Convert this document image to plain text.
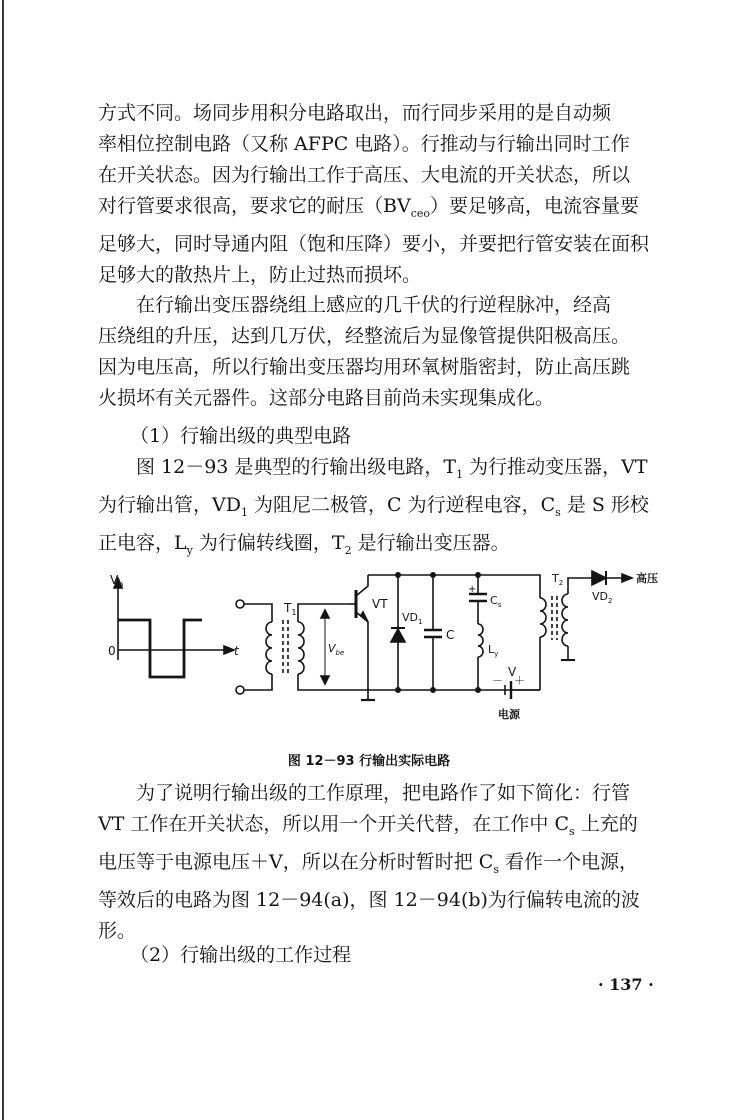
方式不同。场同步用积分电路取出，而行同步采用的是自动频
率相位控制电路（又称 AFPC 电路）。行推动与行输出同时工作
在开关状态。因为行输出工作于高压、大电流的开关状态，所以
对行管要求很高，要求它的耐压$(BV_{ceo})$要足够高，电流容量要
足够大，同时导通内阻（饱和压降）要小，并要把行管安装在面积
足够大的散热片上，防止过热而损坏。
在行输出变压器绕组上感应的几千伏的行逆程脉冲，经高
压绕组的升压，达到几万伏，经整流后为显像管提供阳极高压。
因为电压高，所以行输出变压器均用环氧树脂密封，防止高压跳
火损坏有关元器件。这部分电路目前尚未实现集成化。
（1）行输出级的典型电路
图 12－93 是典型的行输出级电路，$T_1$ 为行推动变压器，VT
为行输出管，$VD_1$ 为阻尼二极管，C 为行逆程电容，$C_s$ 是 S 形校
正电容，$L_y$ 为行偏转线圈，$T_2$ 是行输出变压器。
$V_b$
0	t
$T_1$
$V_{be}$
VT
$VD_1$
C
+
$C_s$
$L_y$
V
－ ＋
电源
$T_2$	高压
$VD_2$
图 12－93 行输出实际电路
为了说明行输出级的工作原理，把电路作了如下简化：行管
VT 工作在开关状态，所以用一个开关代替，在工作中 $C_s$ 上充的
电压等于电源电压＋V，所以在分析时暂时把 $C_s$ 看作一个电源，
等效后的电路为图 12－94(a)，图 12－94(b)为行偏转电流的波
形。
（2）行输出级的工作过程
· 137 ·
